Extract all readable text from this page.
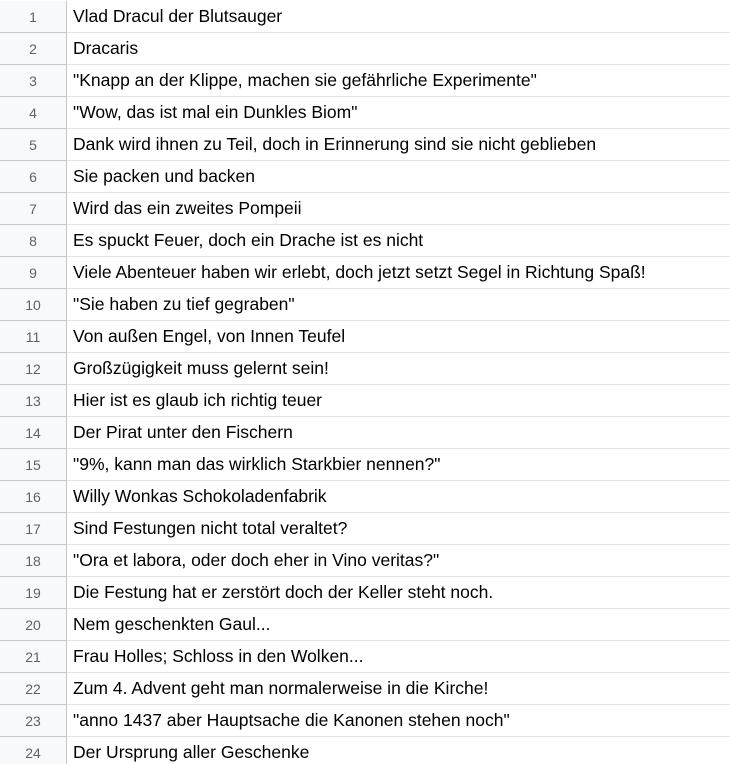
1	Vlad Dracul der Blutsauger
2	Dracaris
3	"Knapp an der Klippe, machen sie gefährliche Experimente"
4	"Wow, das ist mal ein Dunkles Biom"
5	Dank wird ihnen zu Teil, doch in Erinnerung sind sie nicht geblieben
6	Sie packen und backen
7	Wird das ein zweites Pompeii
8	Es spuckt Feuer, doch ein Drache ist es nicht
9	Viele Abenteuer haben wir erlebt, doch jetzt setzt Segel in Richtung Spaß!
10	"Sie haben zu tief gegraben"
11	Von außen Engel, von Innen Teufel
12	Großzügigkeit muss gelernt sein!
13	Hier ist es glaub ich richtig teuer
14	Der Pirat unter den Fischern
15	"9%, kann man das wirklich Starkbier nennen?"
16	Willy Wonkas Schokoladenfabrik
17	Sind Festungen nicht total veraltet?
18	"Ora et labora, oder doch eher in Vino veritas?"
19	Die Festung hat er zerstört doch der Keller steht noch.
20	Nem geschenkten Gaul...
21	Frau Holles; Schloss in den Wolken...
22	Zum 4. Advent geht man normalerweise in die Kirche!
23	"anno 1437 aber Hauptsache die Kanonen stehen noch"
24	Der Ursprung aller Geschenke
